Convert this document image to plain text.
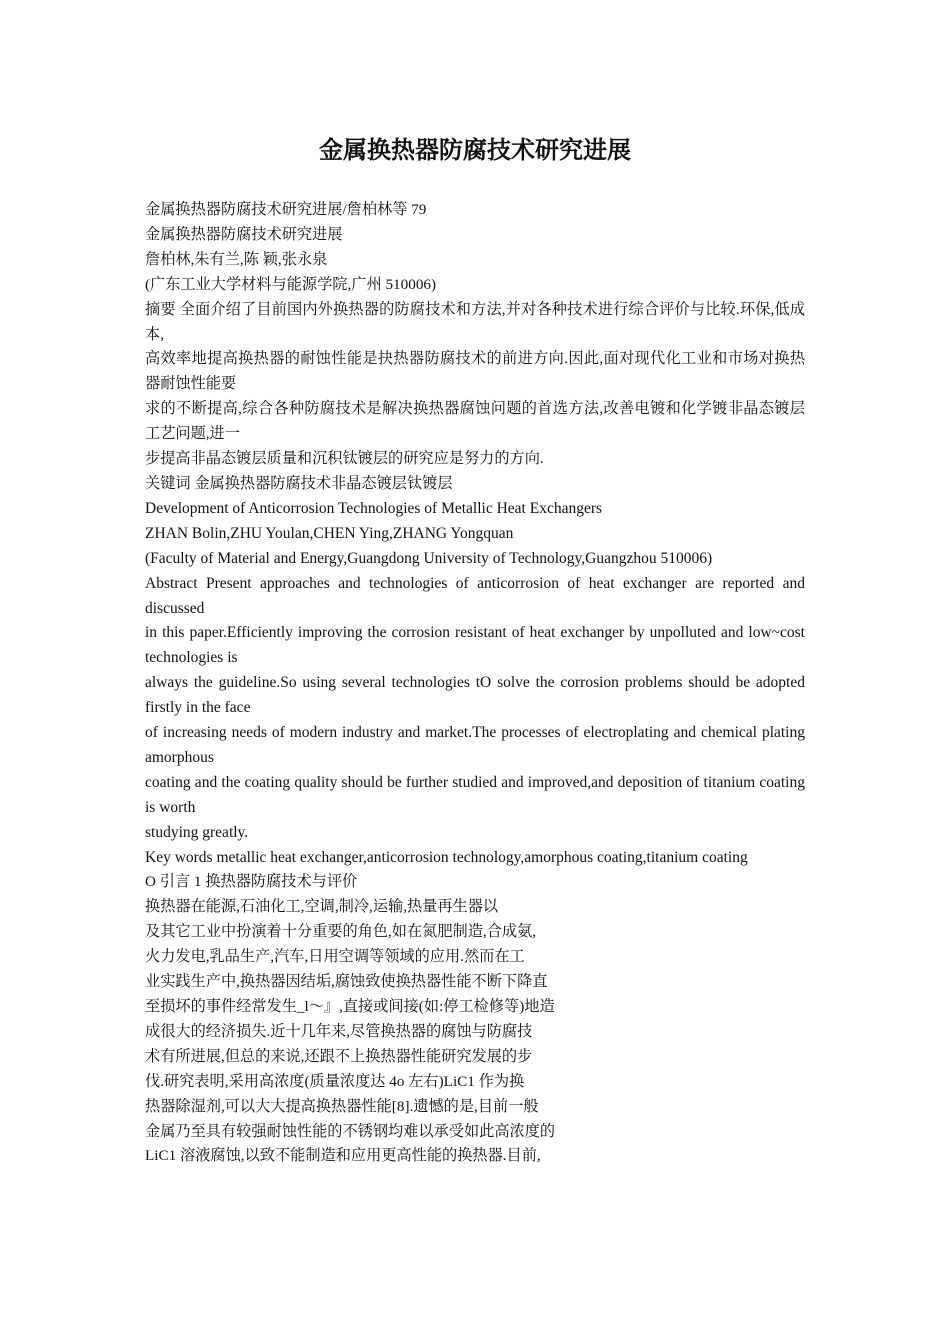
金属换热器防腐技术研究进展

金属换热器防腐技术研究进展/詹柏林等 79

金属换热器防腐技术研究进展

詹柏林,朱有兰,陈 颖,张永泉

(广东工业大学材料与能源学院,广州 510006)

摘要 全面介绍了目前国内外换热器的防腐技术和方法,并对各种技术进行综合评价与比较.环保,低成本,

高效率地提高换热器的耐蚀性能是抉热器防腐技术的前进方向.因此,面对现代化工业和市场对换热器耐蚀性能要

求的不断提高,综合各种防腐技术是解决换热器腐蚀问题的首选方法,改善电镀和化学镀非晶态镀层工艺问题,进一

步提高非晶态镀层质量和沉积钛镀层的研究应是努力的方向.

关键词 金属换热器防腐技术非晶态镀层钛镀层

Development of Anticorrosion Technologies of Metallic Heat Exchangers

ZHAN Bolin,ZHU Youlan,CHEN Ying,ZHANG Yongquan

(Faculty of Material and Energy,Guangdong University of Technology,Guangzhou 510006)

Abstract Present approaches and technologies of anticorrosion of heat exchanger are reported and discussed

in this paper.Efficiently improving the corrosion resistant of heat exchanger by unpolluted and low~cost technologies is

always the guideline.So using several technologies tO solve the corrosion problems should be adopted firstly in the face

of increasing needs of modern industry and market.The processes of electroplating and chemical plating amorphous

coating and the coating quality should be further studied and improved,and deposition of titanium coating is worth

studying greatly.

Key words metallic heat exchanger,anticorrosion technology,amorphous coating,titanium coating

O 引言 1 换热器防腐技术与评价

换热器在能源,石油化工,空调,制冷,运输,热量再生器以

及其它工业中扮演着十分重要的角色,如在氮肥制造,合成氨,

火力发电,乳品生产,汽车,日用空调等领域的应用.然而在工

业实践生产中,换热器因结垢,腐蚀致使换热器性能不断下降直

至损坏的事件经常发生_l～』,直接或间接(如:停工检修等)地造

成很大的经济损失.近十几年来,尽管换热器的腐蚀与防腐技

术有所进展,但总的来说,还跟不上换热器性能研究发展的步

伐.研究表明,采用高浓度(质量浓度达 4o 左右)LiC1 作为换

热器除湿剂,可以大大提高换热器性能[8].遗憾的是,目前一般

金属乃至具有较强耐蚀性能的不锈钢均难以承受如此高浓度的

LiC1 溶液腐蚀,以致不能制造和应用更高性能的换热器.目前,
